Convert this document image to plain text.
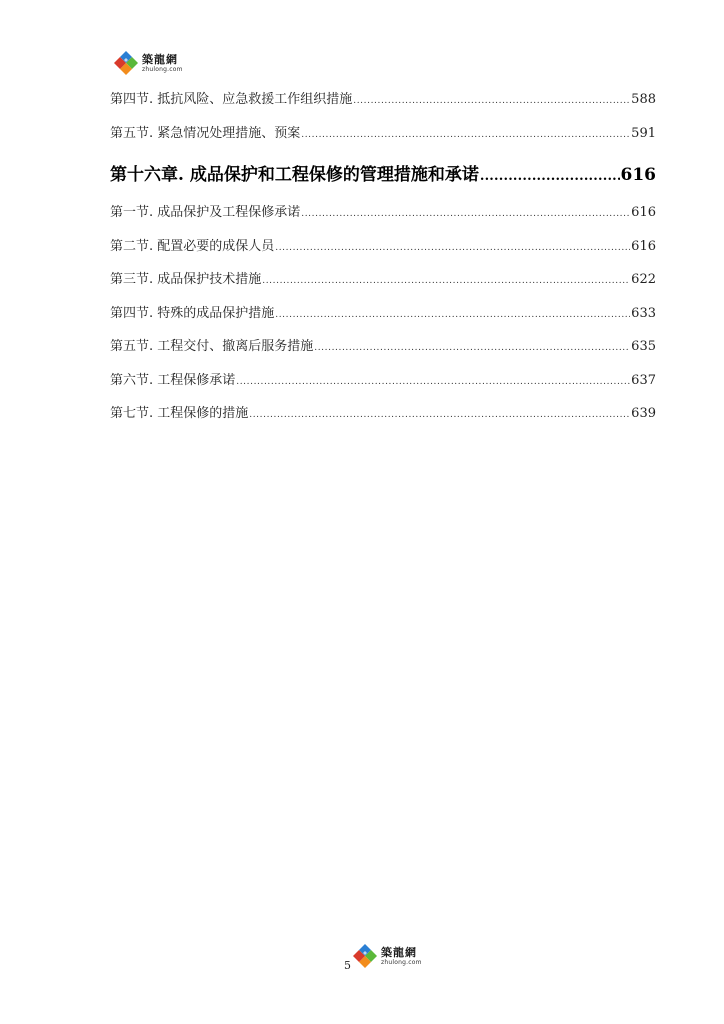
築龍網
zhulong.com
第四节. 抵抗风险、应急救援工作组织措施 .....	588
第五节. 紧急情况处理措施、预案 .....	591
第十六章. 成品保护和工程保修的管理措施和承诺 .....	616
第一节. 成品保护及工程保修承诺 .....	616
第二节. 配置必要的成保人员 .....	616
第三节. 成品保护技术措施 .....	622
第四节. 特殊的成品保护措施 .....	633
第五节. 工程交付、撤离后服务措施 .....	635
第六节. 工程保修承诺 .....	637
第七节. 工程保修的措施 .....	639
5
築龍網
zhulong.com
